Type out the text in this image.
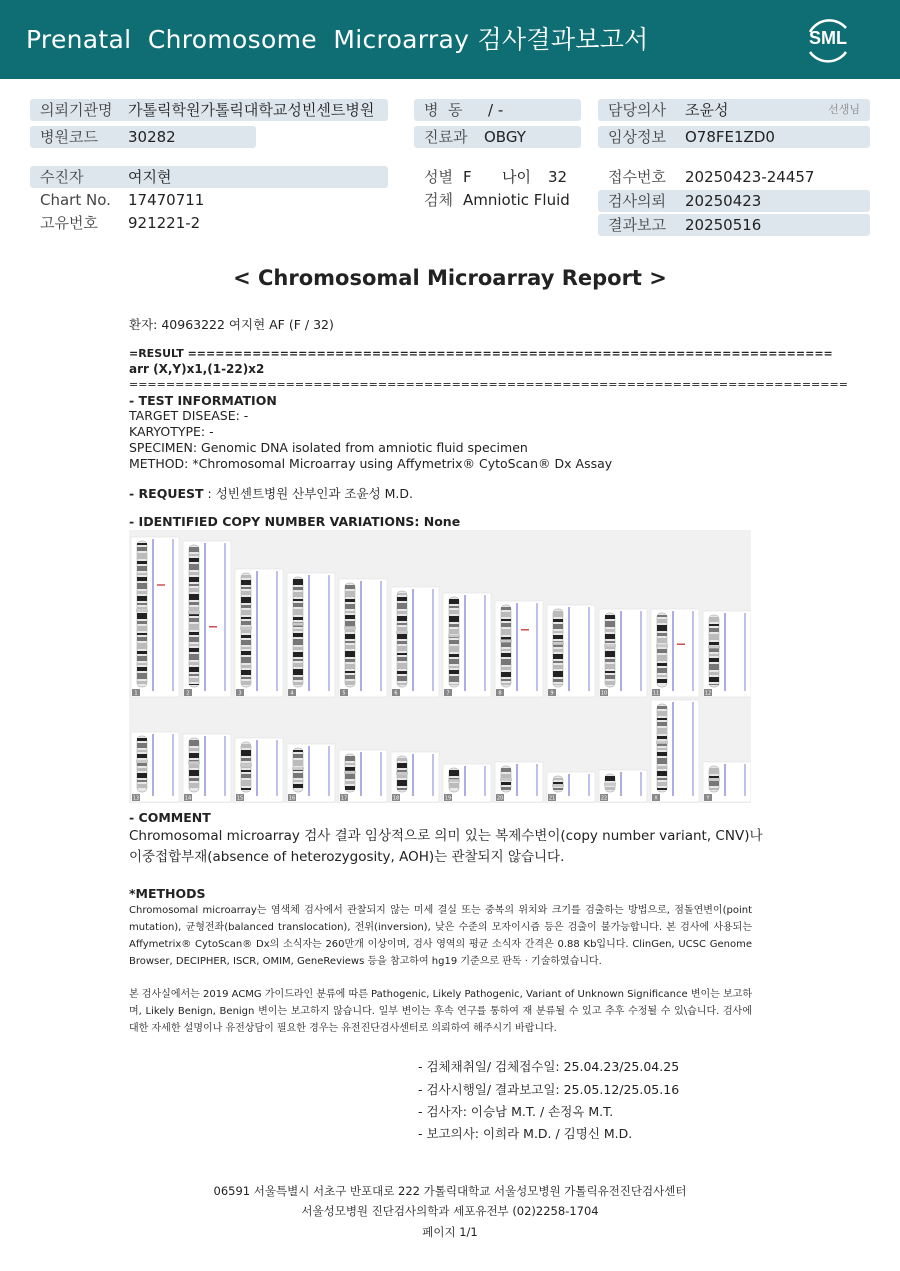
Prenatal  Chromosome  Microarray 검사결과보고서	SML
의뢰기관명 가톨릭학원가톨릭대학교성빈센트병원
병원코드 30282
병  동 / -
진료과 OBGY
담당의사 조윤성	선생님
임상정보 O78FE1ZD0
수진자	여지현
Chart No. 17470711
고유번호 921221-2
성별 F 나이 32
검체 Amniotic Fluid
접수번호 20250423-24457
검사의뢰 20250423
결과보고 20250516
< Chromosomal Microarray Report >
환자: 40963222 여지현 AF (F / 32)
=RESULT ======================================================================
arr (X,Y)x1,(1-22)x2
==============================================================================
- TEST INFORMATION
TARGET DISEASE: -
KARYOTYPE: -
SPECIMEN: Genomic DNA isolated from amniotic fluid specimen
METHOD: *Chromosomal Microarray using Affymetrix® CytoScan® Dx Assay
- REQUEST : 성빈센트병원 산부인과 조윤성 M.D.
- IDENTIFIED COPY NUMBER VARIATIONS: None
1	2	3	4	5	6	7	8	9	10	11	12
13	14	15	16	17	18	19	20	21	22	X	Y
- COMMENT
Chromosomal microarray 검사 결과 임상적으로 의미 있는 복제수변이(copy number variant, CNV)나
이중접합부재(absence of heterozygosity, AOH)는 관찰되지 않습니다.
*METHODS
Chromosomal microarray는 염색체 검사에서 관찰되지 않는 미세 결실 또는 중복의 위치와 크기를 검출하는 방법으로, 점돌연변이(point mutation), 균형전좌(balanced translocation), 전위(inversion), 낮은 수준의 모자이시즘 등은 검출이 불가능합니다. 본 검사에 사용되는 Affymetrix® CytoScan® Dx의 소식자는 260만개 이상이며, 검사 영역의 평균 소식자 간격은 0.88 Kb입니다. ClinGen, UCSC Genome Browser, DECIPHER, ISCR, OMIM, GeneReviews 등을 참고하여 hg19 기준으로 판독 · 기술하였습니다.
본 검사실에서는 2019 ACMG 가이드라인 분류에 따른 Pathogenic, Likely Pathogenic, Variant of Unknown Significance 변이는 보고하며, Likely Benign, Benign 변이는 보고하지 않습니다. 일부 변이는 후속 연구를 통하여 재 분류될 수 있고 추후 수정될 수 있\습니다. 검사에 대한 자세한 설명이나 유전상담이 필요한 경우는 유전진단검사센터로 의뢰하여 해주시기 바랍니다.
- 검체채취일/ 검체접수일: 25.04.23/25.04.25
- 검사시행일/ 결과보고일: 25.05.12/25.05.16
- 검사자: 이승남 M.T. / 손정옥 M.T.
- 보고의사: 이희라 M.D. / 김명신 M.D.
06591 서울특별시 서초구 반포대로 222 가톨릭대학교 서울성모병원 가톨릭유전진단검사센터
서울성모병원 진단검사의학과 세포유전부 (02)2258-1704
페이지 1/1
